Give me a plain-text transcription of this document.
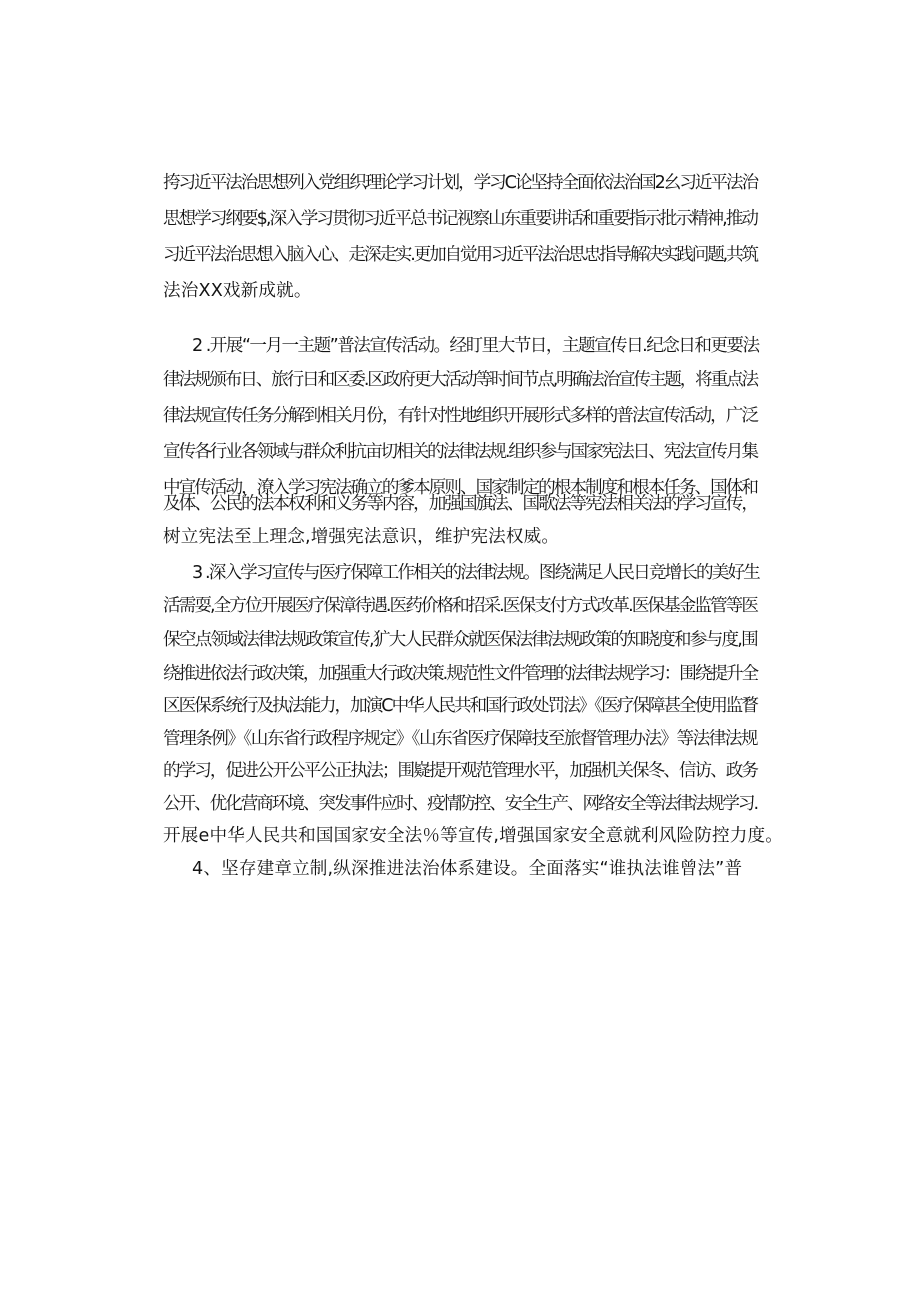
挎习近平法治思想列入党组织理论学习计划，学习C论坚持全面依法治国2幺习近平法治
思想学习纲要$,深入学习贯彻习近平总书记视察山东重要讲话和重要指示批示精神,推动
习近平法治思想入脑入心、走深走实.更加自觉用习近平法治思忠指导解决实践问题,共筑
法治XX戏新成就。
2 .开展“一月一主题”普法宣传活动。经盯里大节日，主题宣传日.纪念日和更要法
律法规颁布日、旅行日和区委.区政府更大活动等时间节点,明确法治宣传主题，将重点法
律法规宣传任务分解到相关月份，有针对性地组织开展形式多样的普法宣传活动，广泛
宣传各行业各领域与群众利抗亩切相关的法律法规.组织参与国家宪法日、宪法宣传月集
中宣传活动，潦入学习宪法确立的爹本原则、国家制定的根本制度和根本任务、国体和
及体、公民的法本权利和义务等内容，加强国旗法、国歌法等宪法相关法的学习宣传，
树立宪法至上理念,增强宪法意识，维护宪法权威。
3 .深入学习宣传与医疗保障工作相关的法律法规。图绕满足人民日竞增长的美好生
活需耍,全方位开展医疗保漳待遇.医药价格和招采.医保支付方式改革.医保基金监管等医
保空点领域法律法规政策宣传,犷大人民群众就医保法律法规政策的知晓度和参与度,围
绕推进依法行政决策，加强重大行政决策.规范性文件管理的法律法规学习：围绕提升全
区医保系统行及执法能力，加演C中华人民共和国行政处罚法》《医疗保障甚全使用监瞀
管理条例》《山东省行政程序规定》《山东省医疗保障技至旅督管理办法》等法律法规
的学习，促进公开公平公正执法；围嶷提开观范管理水平，加强机关保冬、信访、政务
公开、优化营商环境、突发事件应时、疫情防控、安全生产、网络安全等法律法规学习.
开展e中华人民共和国国家安全法％等宣传,增强国家安全意就利风险防控力度。
4、坚存建章立制,纵深推进法治体系建设。全面落实“谁执法谁曾法”普
